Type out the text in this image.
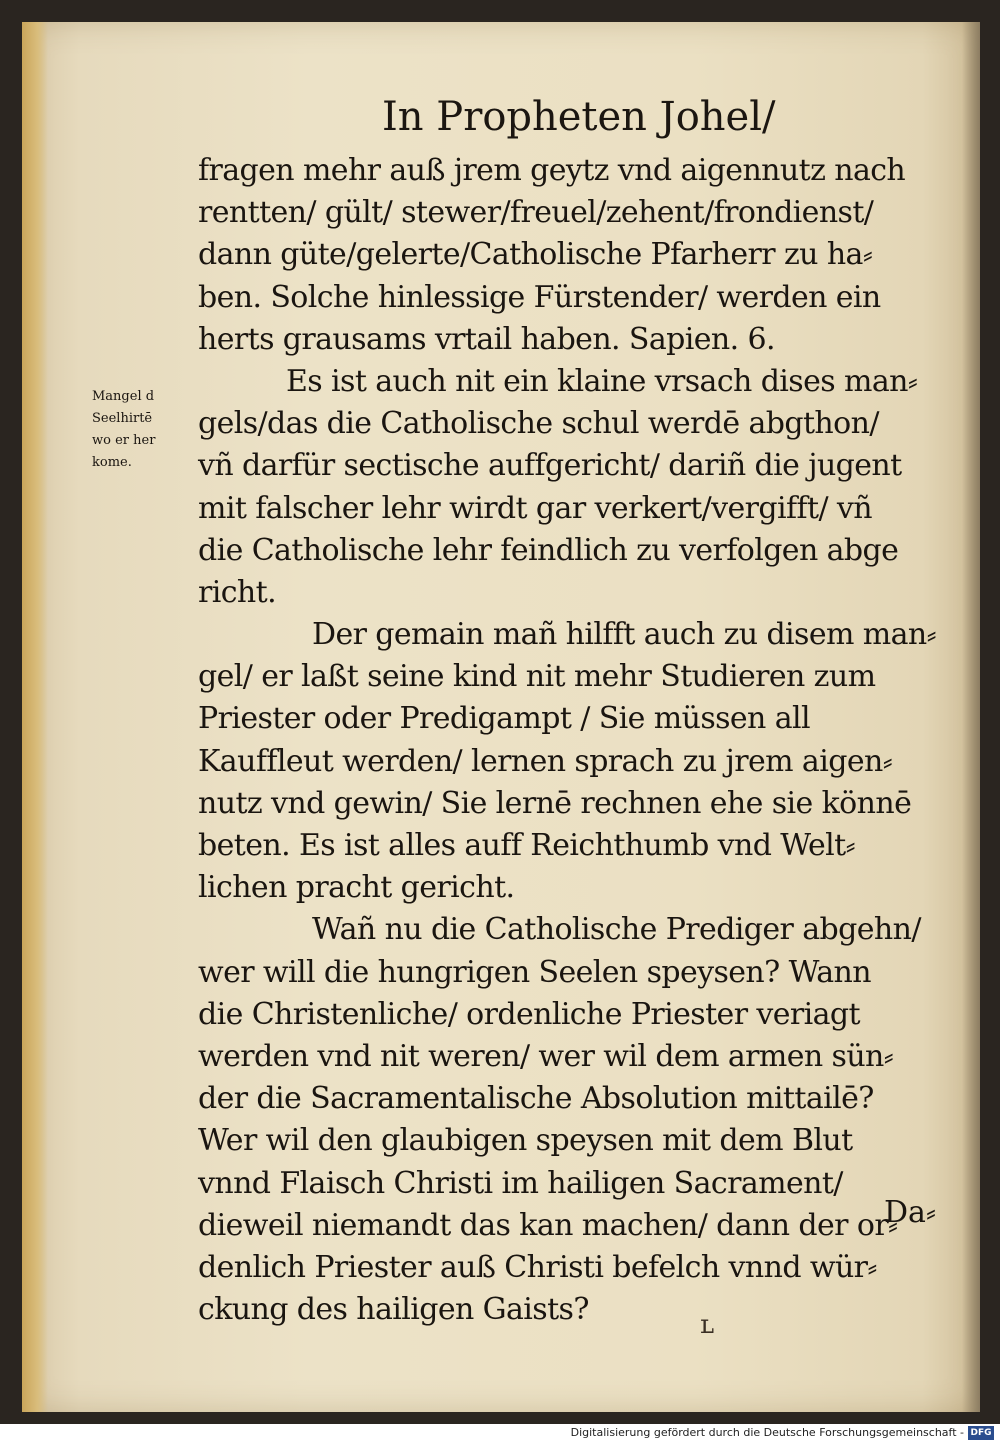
In Propheten Johel/
Mangel d
Seelhirtē
wo er her
kome.
fragen mehr auß jrem geytz vnd aigennutz nach
rentten/ gült/ stewer/freuel/zehent/frondienst/
dann güte/gelerte/Catholische Pfarherr zu ha⸗
ben. Solche hinlessige Fürstender/ werden ein
herts grausams vrtail haben. Sapien. 6.
Es ist auch nit ein klaine vrsach dises man⸗
gels/das die Catholische schul werdē abgthon/
vñ darfür sectische auffgericht/ dariñ die jugent
mit falscher lehr wirdt gar verkert/vergifft/ vñ
die Catholische lehr feindlich zu verfolgen abge
richt.
Der gemain mañ hilfft auch zu disem man⸗
gel/ er laßt seine kind nit mehr Studieren zum
Priester oder Predigampt / Sie müssen all
Kauffleut werden/ lernen sprach zu jrem aigen⸗
nutz vnd gewin/ Sie lernē rechnen ehe sie könnē
beten. Es ist alles auff Reichthumb vnd Welt⸗
lichen pracht gericht.
Wañ nu die Catholische Prediger abgehn/
wer will die hungrigen Seelen speysen? Wann
die Christenliche/ ordenliche Priester veriagt
werden vnd nit weren/ wer wil dem armen sün⸗
der die Sacramentalische Absolution mittailē?
Wer wil den glaubigen speysen mit dem Blut
vnnd Flaisch Christi im hailigen Sacrament/
dieweil niemandt das kan machen/ dann der or⸗
denlich Priester auß Christi befelch vnnd wür⸗
ckung des hailigen Gaists?
Da⸗
ʟ
Digitalisierung gefördert durch die Deutsche Forschungsgemeinschaft - DFG
